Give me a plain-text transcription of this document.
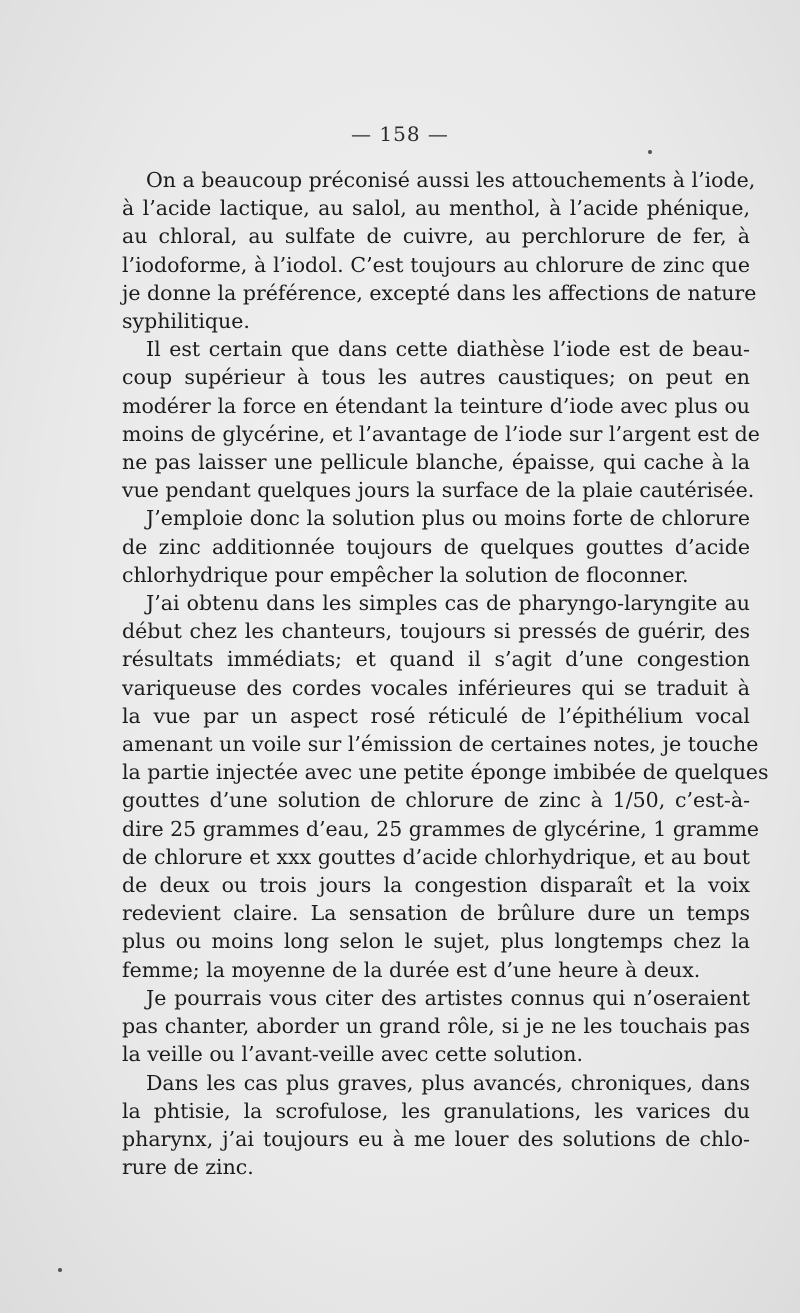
— 158 —
On a beaucoup préconisé aussi les attouchements à l’iode,
à l’acide lactique, au salol, au menthol, à l’acide phénique,
au chloral, au sulfate de cuivre, au perchlorure de fer, à
l’iodoforme, à l’iodol. C’est toujours au chlorure de zinc que
je donne la préférence, excepté dans les affections de nature
syphilitique.
Il est certain que dans cette diathèse l’iode est de beau-
coup supérieur à tous les autres caustiques; on peut en
modérer la force en étendant la teinture d’iode avec plus ou
moins de glycérine, et l’avantage de l’iode sur l’argent est de
ne pas laisser une pellicule blanche, épaisse, qui cache à la
vue pendant quelques jours la surface de la plaie cautérisée.
J’emploie donc la solution plus ou moins forte de chlorure
de zinc additionnée toujours de quelques gouttes d’acide
chlorhydrique pour empêcher la solution de floconner.
J’ai obtenu dans les simples cas de pharyngo-laryngite au
début chez les chanteurs, toujours si pressés de guérir, des
résultats immédiats; et quand il s’agit d’une congestion
variqueuse des cordes vocales inférieures qui se traduit à
la vue par un aspect rosé réticulé de l’épithélium vocal
amenant un voile sur l’émission de certaines notes, je touche
la partie injectée avec une petite éponge imbibée de quelques
gouttes d’une solution de chlorure de zinc à 1/50, c’est-à-
dire 25 grammes d’eau, 25 grammes de glycérine, 1 gramme
de chlorure et xxx gouttes d’acide chlorhydrique, et au bout
de deux ou trois jours la congestion disparaît et la voix
redevient claire. La sensation de brûlure dure un temps
plus ou moins long selon le sujet, plus longtemps chez la
femme; la moyenne de la durée est d’une heure à deux.
Je pourrais vous citer des artistes connus qui n’oseraient
pas chanter, aborder un grand rôle, si je ne les touchais pas
la veille ou l’avant-veille avec cette solution.
Dans les cas plus graves, plus avancés, chroniques, dans
la phtisie, la scrofulose, les granulations, les varices du
pharynx, j’ai toujours eu à me louer des solutions de chlo-
rure de zinc.
